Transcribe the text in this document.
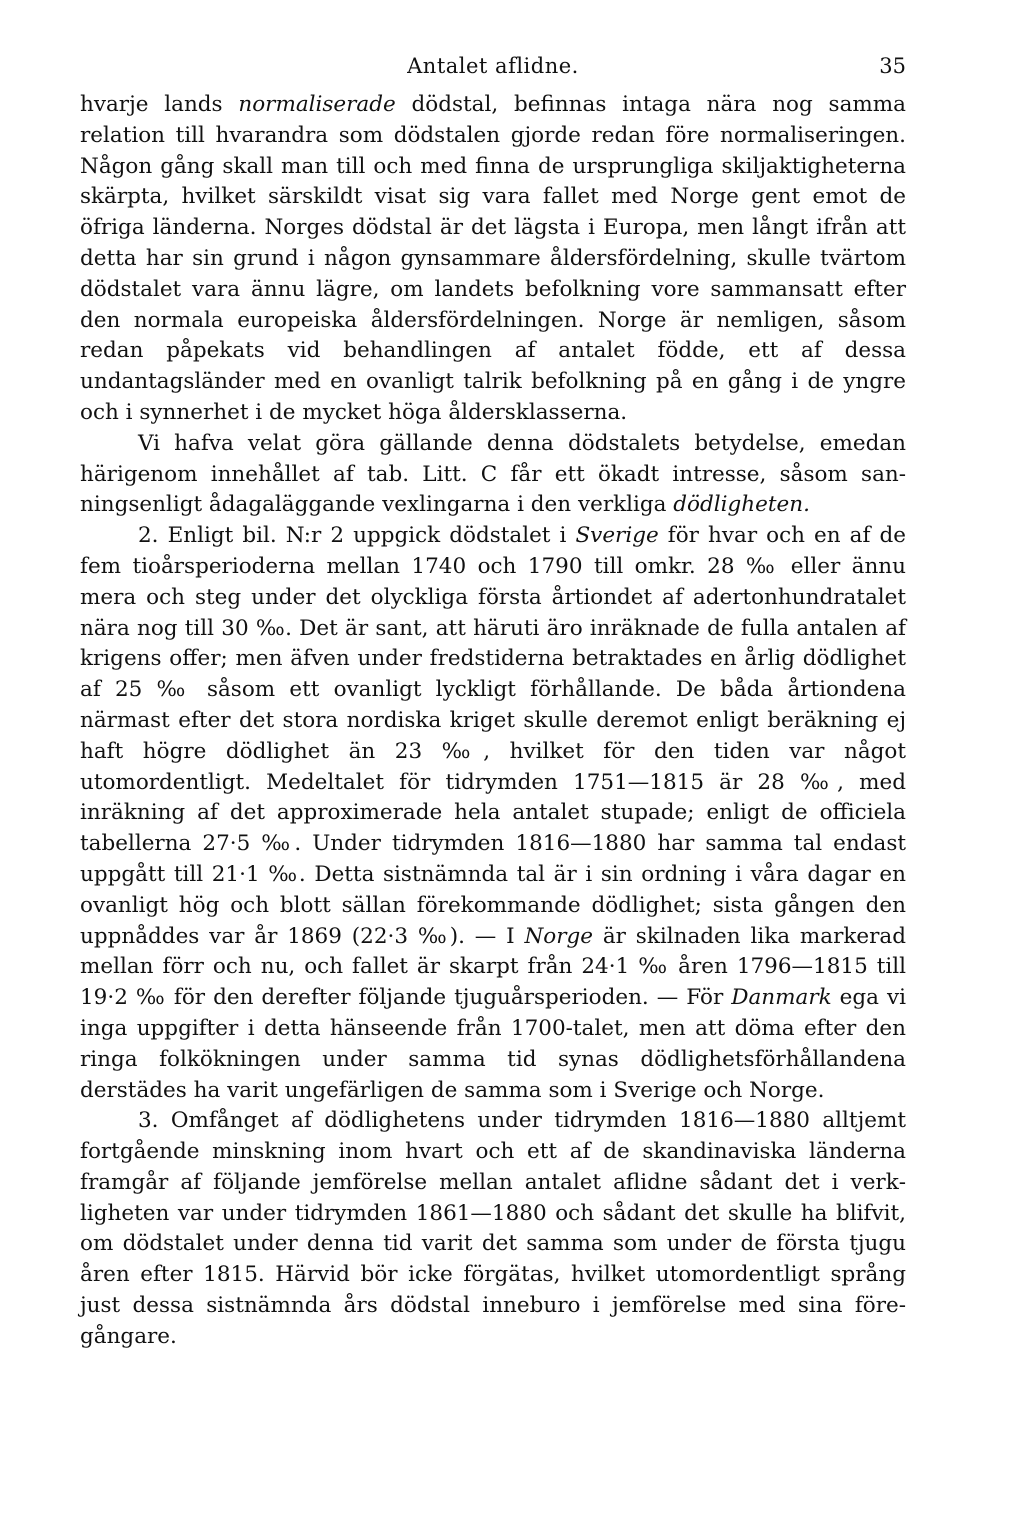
Antalet aflidne.	35

hvarje lands normaliserade dödstal, befinnas intaga nära nog samma relation till hvarandra som dödstalen gjorde redan före normaliseringen. Någon gång skall man till och med finna de ursprungliga skiljaktigheterna skärpta, hvilket särskildt visat sig vara fallet med Norge gent emot de öfriga länderna. Norges dödstal är det lägsta i Europa, men långt ifrån att detta har sin grund i någon gynsammare åldersfördelning, skulle tvärtom dödstalet vara ännu lägre, om landets befolkning vore sammansatt efter den normala europeiska åldersfördelningen. Norge är nemligen, såsom redan påpekats vid behandlingen af antalet födde, ett af dessa undantagsländer med en ovanligt talrik befolkning på en gång i de yngre och i synnerhet i de mycket höga åldersklasserna.

Vi hafva velat göra gällande denna dödstalets betydelse, emedan härigenom innehållet af tab. Litt. C får ett ökadt intresse, såsom sanningsenligt ådagaläggande vexlingarna i den verkliga dödligheten.

2. Enligt bil. N:r 2 uppgick dödstalet i Sverige för hvar och en af de fem tioårsperioderna mellan 1740 och 1790 till omkr. 28 ‰ eller ännu mera och steg under det olyckliga första årtiondet af adertonhundratalet nära nog till 30 ‰. Det är sant, att häruti äro inräknade de fulla antalen af krigens offer; men äfven under fredstiderna betraktades en årlig dödlighet af 25 ‰ såsom ett ovanligt lyckligt förhållande. De båda årtiondena närmast efter det stora nordiska kriget skulle deremot enligt beräkning ej haft högre dödlighet än 23 ‰, hvilket för den tiden var något utomordentligt. Medeltalet för tidrymden 1751—1815 är 28 ‰, med inräkning af det approximerade hela antalet stupade; enligt de officiela tabellerna 27·5 ‰. Under tidrymden 1816—1880 har samma tal endast uppgått till 21·1 ‰. Detta sistnämnda tal är i sin ordning i våra dagar en ovanligt hög och blott sällan förekommande dödlighet; sista gången den uppnåddes var år 1869 (22·3 ‰). — I Norge är skilnaden lika markerad mellan förr och nu, och fallet är skarpt från 24·1 ‰ åren 1796—1815 till 19·2 ‰ för den derefter följande tjuguårsperioden. — För Danmark ega vi inga uppgifter i detta hänseende från 1700-talet, men att döma efter den ringa folkökningen under samma tid synas dödlighetsförhållandena derstädes ha varit ungefärligen de samma som i Sverige och Norge.

3. Omfånget af dödlighetens under tidrymden 1816—1880 alltjemt fortgående minskning inom hvart och ett af de skandinaviska länderna framgår af följande jemförelse mellan antalet aflidne sådant det i verkligheten var under tidrymden 1861—1880 och sådant det skulle ha blifvit, om dödstalet under denna tid varit det samma som under de första tjugu åren efter 1815. Härvid bör icke förgätas, hvilket utomordentligt språng just dessa sistnämnda års dödstal inneburo i jemförelse med sina föregångare.
